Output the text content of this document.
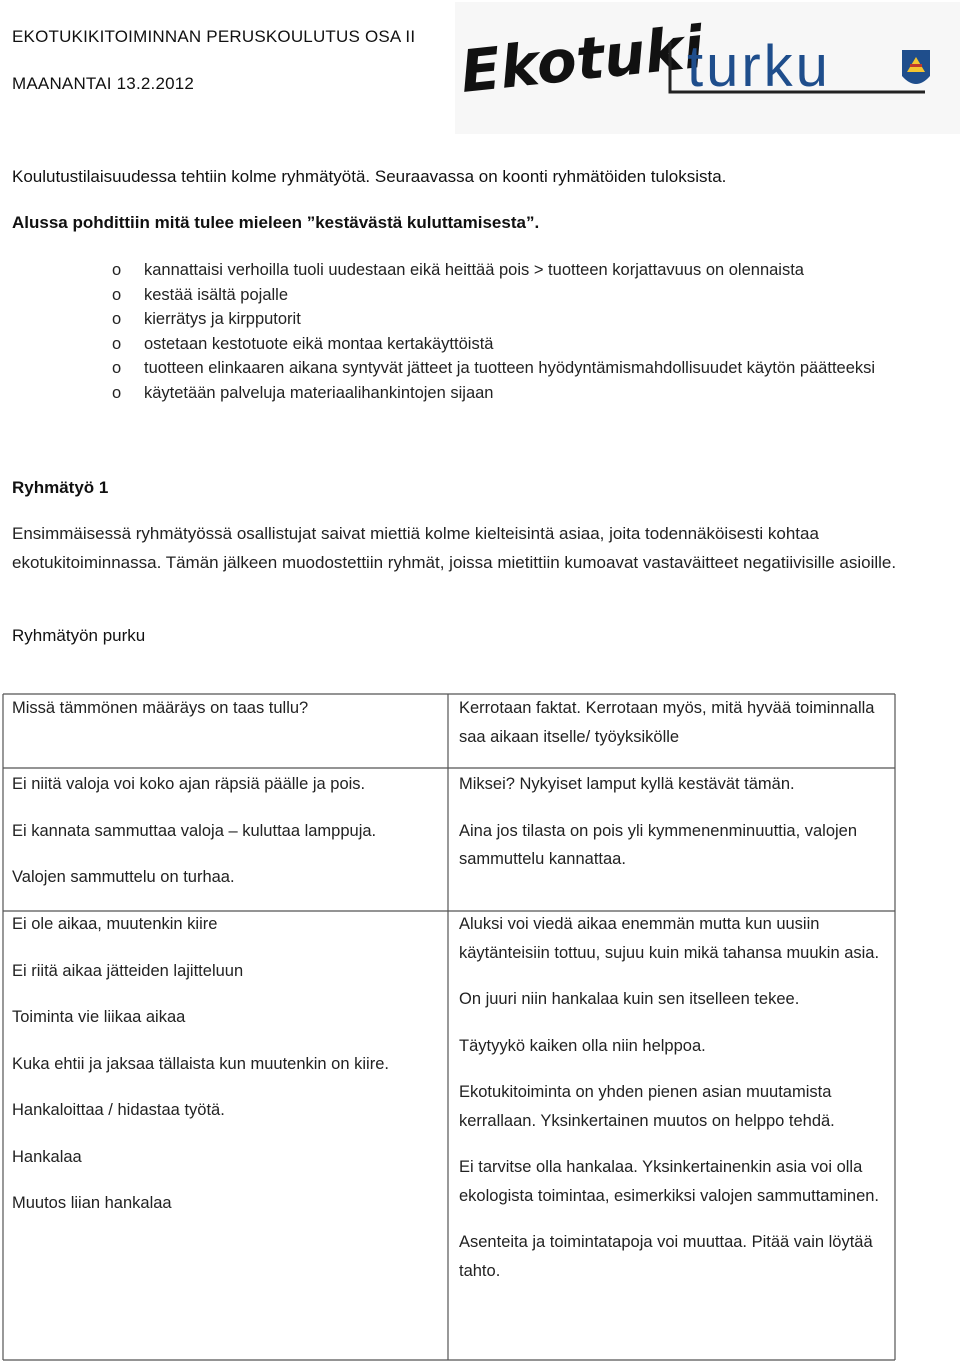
EKOTUKIKITOIMINNAN PERUSKOULUTUS OSA II
MAANANTAI 13.2.2012	Ekotuki
turku
Koulutustilaisuudessa tehtiin kolme ryhmätyötä. Seuraavassa on koonti ryhmätöiden tuloksista.
Alussa pohdittiin mitä tulee mieleen ”kestävästä kuluttamisesta”.
o kannattaisi verhoilla tuoli uudestaan eikä heittää pois > tuotteen korjattavuus on olennaista
o kestää isältä pojalle
o kierrätys ja kirpputorit
o ostetaan kestotuote eikä montaa kertakäyttöistä
o tuotteen elinkaaren aikana syntyvät jätteet ja tuotteen hyödyntämismahdollisuudet käytön päätteeksi
o käytetään palveluja materiaalihankintojen sijaan
Ryhmätyö 1
Ensimmäisessä ryhmätyössä osallistujat saivat miettiä kolme kielteisintä asiaa, joita todennäköisesti kohtaa ekotukitoiminnassa. Tämän jälkeen muodostettiin ryhmät, joissa mietittiin kumoavat vastaväitteet negatiivisille asioille.
Ryhmätyön purku
Missä tämmönen määräys on taas tullu?	Kerrotaan faktat. Kerrotaan myös, mitä hyvää toiminnalla saa aikaan itselle/ työyksikölle
Ei niitä valoja voi koko ajan räpsiä päälle ja pois.
Ei kannata sammuttaa valoja – kuluttaa lamppuja.
Valojen sammuttelu on turhaa.
Miksei? Nykyiset lamput kyllä kestävät tämän.
Aina jos tilasta on pois yli kymmenenminuuttia, valojen sammuttelu kannattaa.
Ei ole aikaa, muutenkin kiire
Ei riitä aikaa jätteiden lajitteluun
Toiminta vie liikaa aikaa
Kuka ehtii ja jaksaa tällaista kun muutenkin on kiire.
Hankaloittaa / hidastaa työtä.
Hankalaa
Muutos liian hankalaa
Aluksi voi viedä aikaa enemmän mutta kun uusiin käytänteisiin tottuu, sujuu kuin mikä tahansa muukin asia.
On juuri niin hankalaa kuin sen itselleen tekee.
Täytyykö kaiken olla niin helppoa.
Ekotukitoiminta on yhden pienen asian muutamista kerrallaan. Yksinkertainen muutos on helppo tehdä.
Ei tarvitse olla hankalaa. Yksinkertainenkin asia voi olla ekologista toimintaa, esimerkiksi valojen sammuttaminen.
Asenteita ja toimintatapoja voi muuttaa. Pitää vain löytää tahto.
